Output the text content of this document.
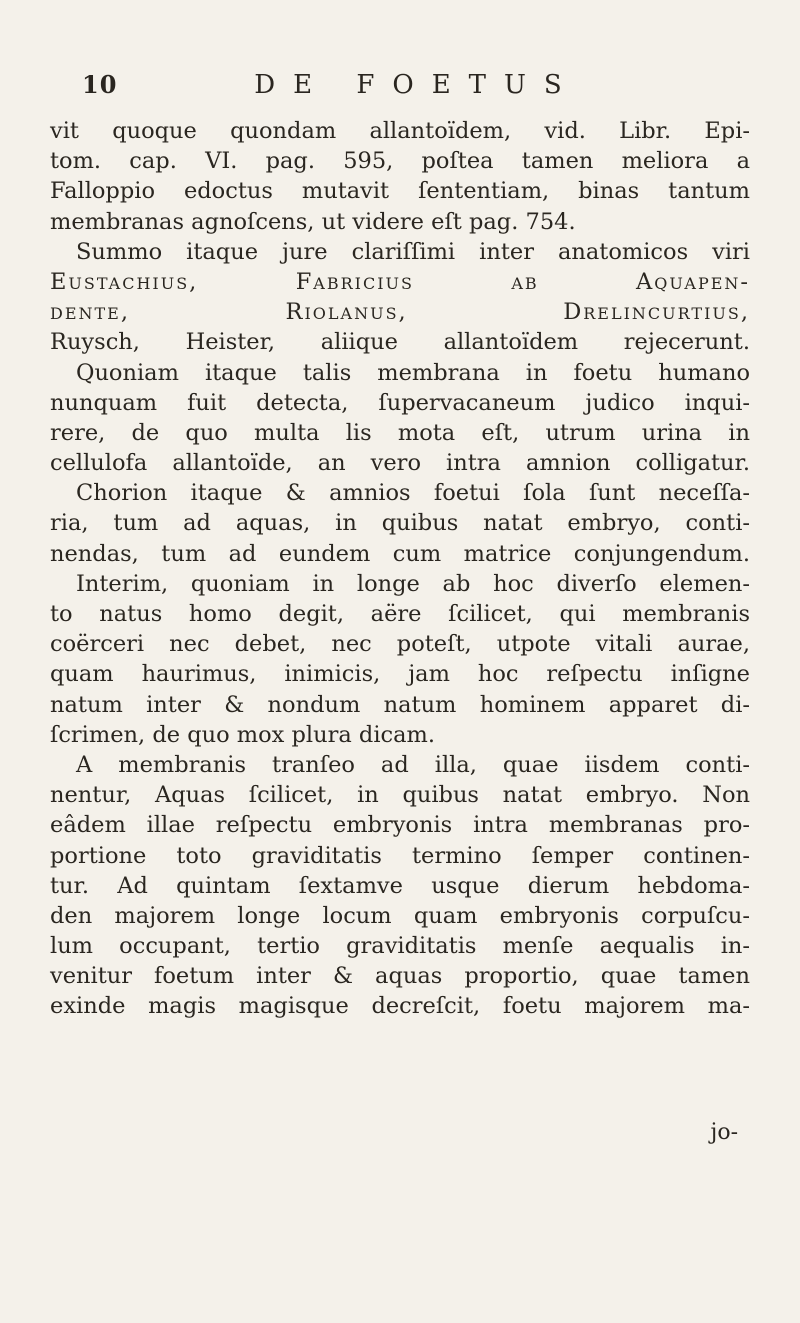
10	DE FOETUS
vit quoque quondam allantoïdem, vid. Libr. Epi-
tom. cap. VI. pag. 595, poſtea tamen meliora a
Falloppio edoctus mutavit ſententiam, binas tantum
membranas agnoſcens, ut videre eſt pag. 754.
Summo itaque jure clariſſimi inter anatomicos viri
Eustachius, Fabricius ab Aquapen-
dente, Riolanus, Drelincurtius,
Ruysch, Heister, aliique allantoïdem rejecerunt.
Quoniam itaque talis membrana in foetu humano
nunquam fuit detecta, ſupervacaneum judico inqui-
rere, de quo multa lis mota eſt, utrum urina in
cellulofa allantoïde, an vero intra amnion colligatur.
Chorion itaque & amnios foetui ſola ſunt neceſſa-
ria, tum ad aquas, in quibus natat embryo, conti-
nendas, tum ad eundem cum matrice conjungendum.
Interim, quoniam in longe ab hoc diverſo elemen-
to natus homo degit, aëre ſcilicet, qui membranis
coërceri nec debet, nec poteſt, utpote vitali aurae,
quam haurimus, inimicis, jam hoc reſpectu inſigne
natum inter & nondum natum hominem apparet di-
ſcrimen, de quo mox plura dicam.
A membranis tranſeo ad illa, quae iisdem conti-
nentur, Aquas ſcilicet, in quibus natat embryo. Non
eâdem illae reſpectu embryonis intra membranas pro-
portione toto graviditatis termino ſemper continen-
tur. Ad quintam ſextamve usque dierum hebdoma-
den majorem longe locum quam embryonis corpuſcu-
lum occupant, tertio graviditatis menſe aequalis in-
venitur foetum inter & aquas proportio, quae tamen
exinde magis magisque decreſcit, foetu majorem ma-
jo-
